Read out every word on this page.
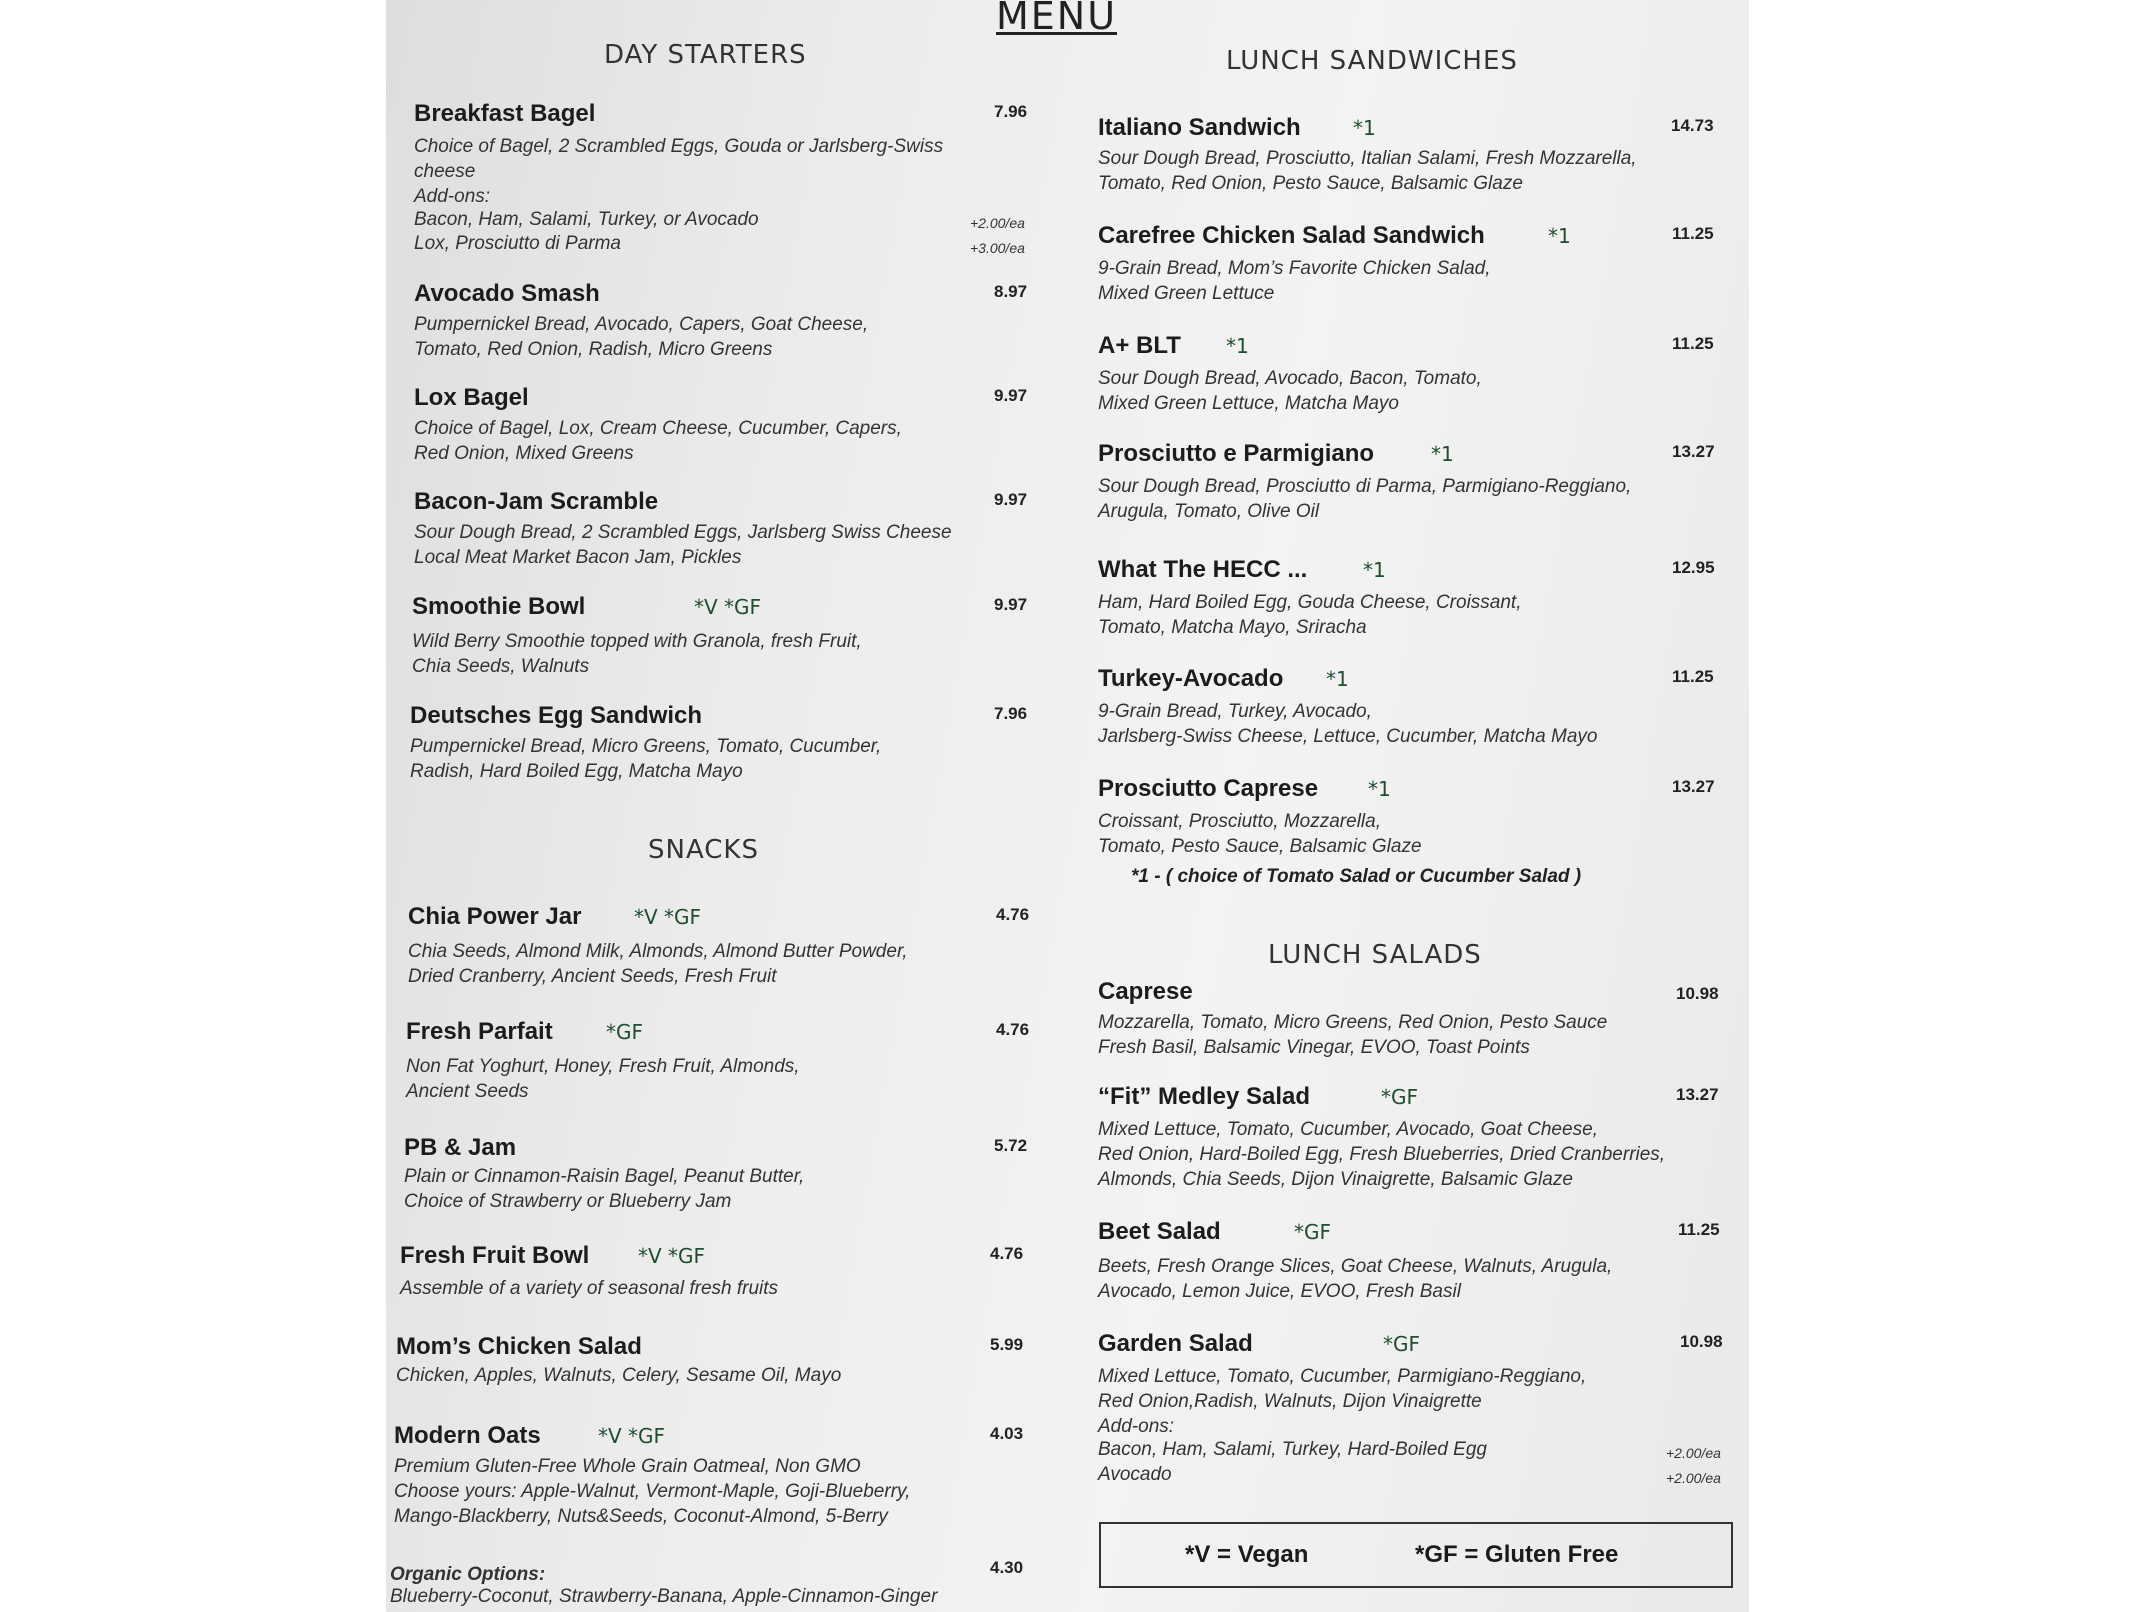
MENU
DAY STARTERS
Breakfast Bagel	7.96
Choice of Bagel, 2 Scrambled Eggs, Gouda or Jarlsberg-Swiss
cheese
Add-ons:
Bacon, Ham, Salami, Turkey, or Avocado	+2.00/ea
Lox, Prosciutto di Parma	+3.00/ea
Avocado Smash	8.97
Pumpernickel Bread, Avocado, Capers, Goat Cheese,
Tomato, Red Onion, Radish, Micro Greens
Lox Bagel	9.97
Choice of Bagel, Lox, Cream Cheese, Cucumber, Capers,
Red Onion, Mixed Greens
Bacon-Jam Scramble	9.97
Sour Dough Bread, 2 Scrambled Eggs, Jarlsberg Swiss Cheese
Local Meat Market Bacon Jam, Pickles
Smoothie Bowl	*V *GF	9.97
Wild Berry Smoothie topped with Granola, fresh Fruit,
Chia Seeds, Walnuts
Deutsches Egg Sandwich	7.96
Pumpernickel Bread, Micro Greens, Tomato, Cucumber,
Radish, Hard Boiled Egg, Matcha Mayo
SNACKS
Chia Power Jar	*V *GF	4.76
Chia Seeds, Almond Milk, Almonds, Almond Butter Powder,
Dried Cranberry, Ancient Seeds, Fresh Fruit
Fresh Parfait	*GF	4.76
Non Fat Yoghurt, Honey, Fresh Fruit, Almonds,
Ancient Seeds
PB & Jam	5.72
Plain or Cinnamon-Raisin Bagel, Peanut Butter,
Choice of Strawberry or Blueberry Jam
Fresh Fruit Bowl *V *GF	4.76
Assemble of a variety of seasonal fresh fruits
Mom’s Chicken Salad	5.99
Chicken, Apples, Walnuts, Celery, Sesame Oil, Mayo
Modern Oats	*V *GF	4.03
Premium Gluten-Free Whole Grain Oatmeal, Non GMO
Choose yours: Apple-Walnut, Vermont-Maple, Goji-Blueberry,
Mango-Blackberry, Nuts&Seeds, Coconut-Almond, 5-Berry
Organic Options:	4.30
Blueberry-Coconut, Strawberry-Banana, Apple-Cinnamon-Ginger
LUNCH SANDWICHES
Italiano Sandwich	*1	14.73
Sour Dough Bread, Prosciutto, Italian Salami, Fresh Mozzarella,
Tomato, Red Onion, Pesto Sauce, Balsamic Glaze
Carefree Chicken Salad Sandwich	*1	11.25
9-Grain Bread, Mom’s Favorite Chicken Salad,
Mixed Green Lettuce
A+ BLT *1	11.25
Sour Dough Bread, Avocado, Bacon, Tomato,
Mixed Green Lettuce, Matcha Mayo
Prosciutto e Parmigiano	*1	13.27
Sour Dough Bread, Prosciutto di Parma, Parmigiano-Reggiano,
Arugula, Tomato, Olive Oil
What The HECC ...	*1	12.95
Ham, Hard Boiled Egg, Gouda Cheese, Croissant,
Tomato, Matcha Mayo, Sriracha
Turkey-Avocado *1	11.25
9-Grain Bread, Turkey, Avocado,
Jarlsberg-Swiss Cheese, Lettuce, Cucumber, Matcha Mayo
Prosciutto Caprese *1	13.27
Croissant, Prosciutto, Mozzarella,
Tomato, Pesto Sauce, Balsamic Glaze
*1 - ( choice of Tomato Salad or Cucumber Salad )
LUNCH SALADS
Caprese	10.98
Mozzarella, Tomato, Micro Greens, Red Onion, Pesto Sauce
Fresh Basil, Balsamic Vinegar, EVOO, Toast Points
“Fit” Medley Salad	*GF	13.27
Mixed Lettuce, Tomato, Cucumber, Avocado, Goat Cheese,
Red Onion, Hard-Boiled Egg, Fresh Blueberries, Dried Cranberries,
Almonds, Chia Seeds, Dijon Vinaigrette, Balsamic Glaze
Beet Salad	*GF	11.25
Beets, Fresh Orange Slices, Goat Cheese, Walnuts, Arugula,
Avocado, Lemon Juice, EVOO, Fresh Basil
Garden Salad	*GF	10.98
Mixed Lettuce, Tomato, Cucumber, Parmigiano-Reggiano,
Red Onion,Radish, Walnuts, Dijon Vinaigrette
Add-ons:
Bacon, Ham, Salami, Turkey, Hard-Boiled Egg	+2.00/ea
Avocado	+2.00/ea
*V = Vegan	*GF = Gluten Free
